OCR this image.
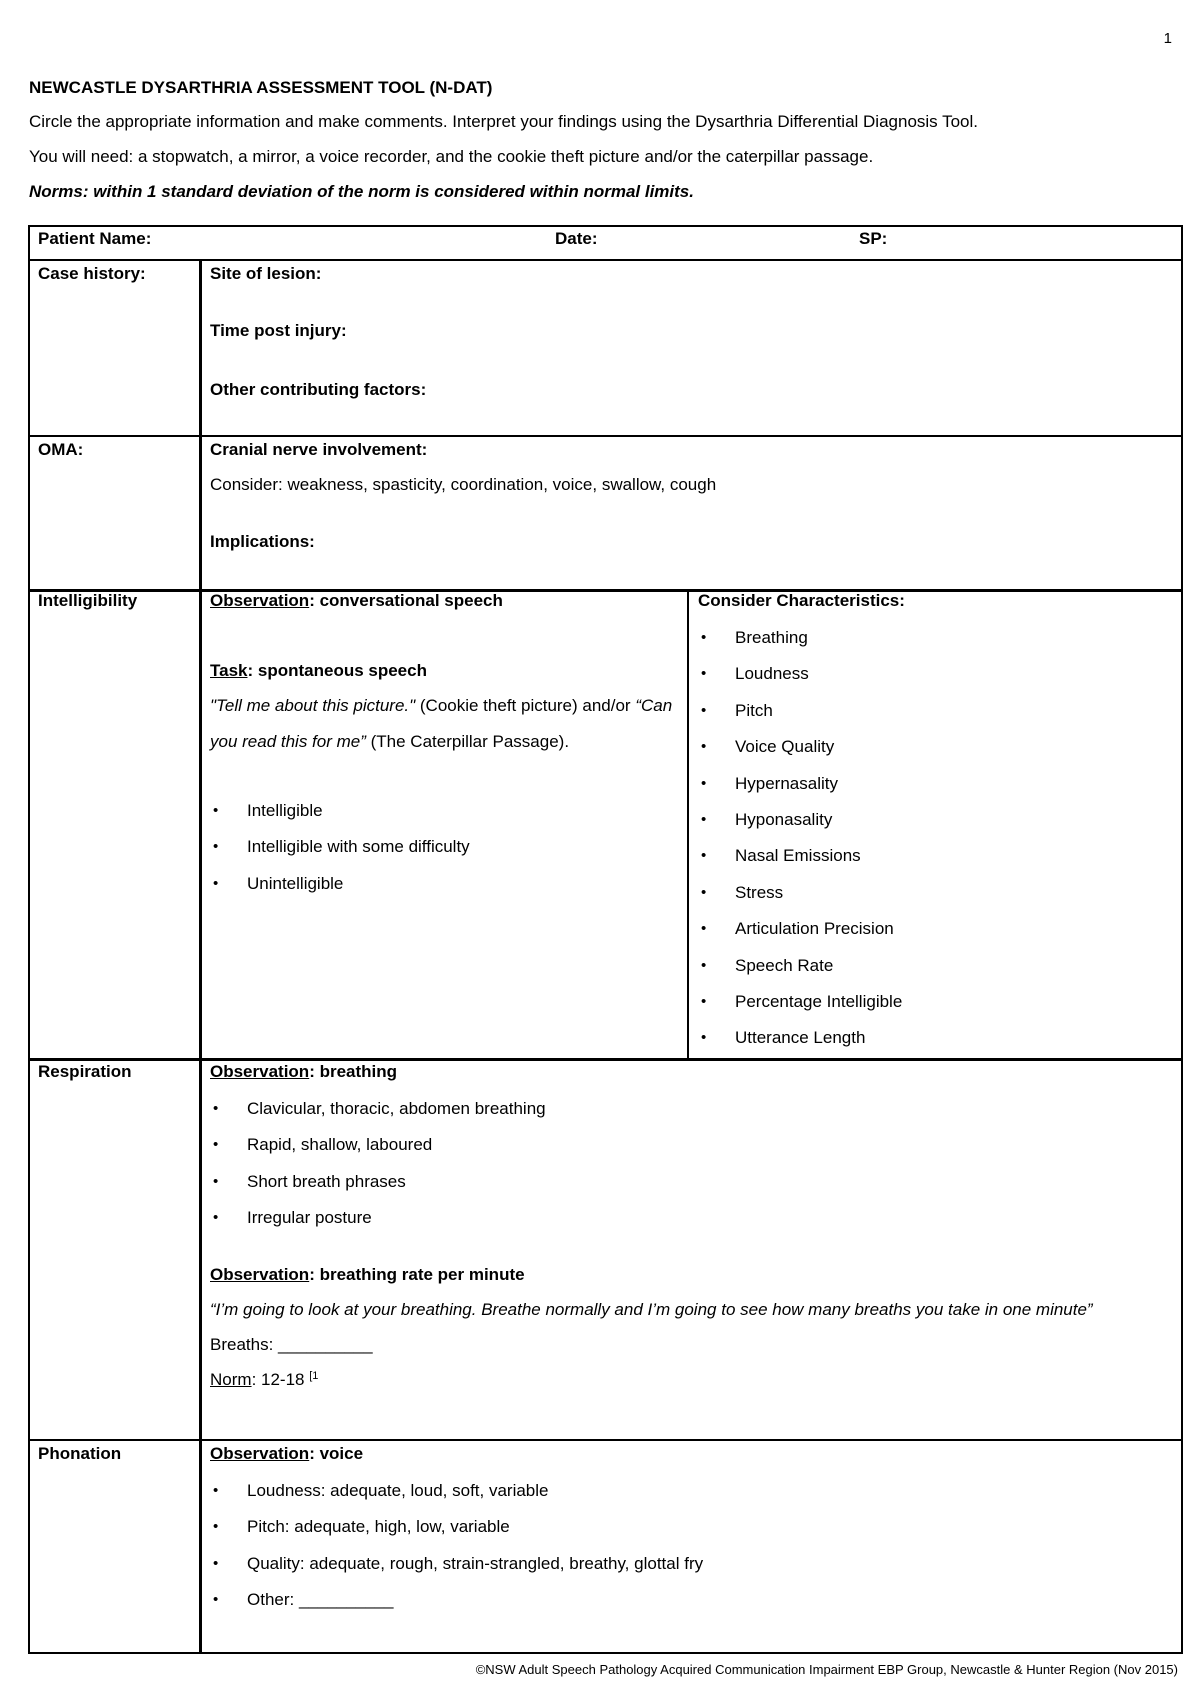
1
NEWCASTLE DYSARTHRIA ASSESSMENT TOOL (N-DAT)
Circle the appropriate information and make comments. Interpret your findings using the Dysarthria Differential Diagnosis Tool.
You will need: a stopwatch, a mirror, a voice recorder, and the cookie theft picture and/or the caterpillar passage.
Norms: within 1 standard deviation of the norm is considered within normal limits.
Patient Name:	Date:	SP:
Case history:	Site of lesion:
Time post injury:
Other contributing factors:
OMA:	Cranial nerve involvement:
Consider: weakness, spasticity, coordination, voice, swallow, cough
Implications:
Intelligibility	Observation: conversational speech
Task: spontaneous speech
"Tell me about this picture." (Cookie theft picture) and/or “Can
you read this for me” (The Caterpillar Passage).
• Intelligible
• Intelligible with some difficulty
• Unintelligible
Consider Characteristics:
• Breathing
• Loudness
• Pitch
• Voice Quality
• Hypernasality
• Hyponasality
• Nasal Emissions
• Stress
• Articulation Precision
• Speech Rate
• Percentage Intelligible
• Utterance Length
Respiration	Observation: breathing
• Clavicular, thoracic, abdomen breathing
• Rapid, shallow, laboured
• Short breath phrases
• Irregular posture
Observation: breathing rate per minute
“I’m going to look at your breathing. Breathe normally and I’m going to see how many breaths you take in one minute”
Breaths: __________
Norm: 12-18 $^{[1}$
Phonation	Observation: voice
• Loudness: adequate, loud, soft, variable
• Pitch: adequate, high, low, variable
• Quality: adequate, rough, strain-strangled, breathy, glottal fry
• Other: __________
©NSW Adult Speech Pathology Acquired Communication Impairment EBP Group, Newcastle & Hunter Region (Nov 2015)
